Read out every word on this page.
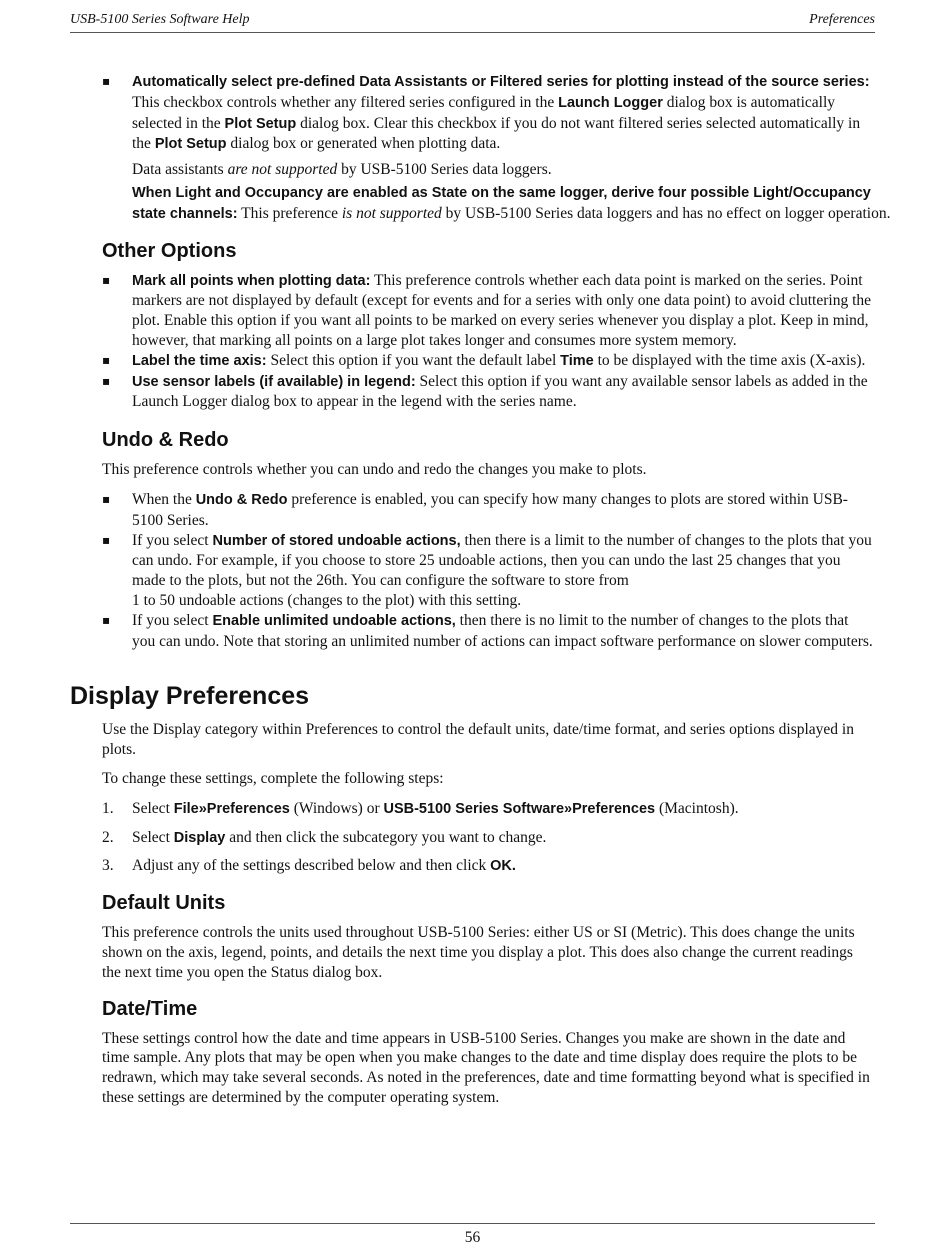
USB-5100 Series Software Help	Preferences
▪ Automatically select pre-defined Data Assistants or Filtered series for plotting instead of the source series: This checkbox controls whether any filtered series configured in the Launch Logger dialog box is automatically selected in the Plot Setup dialog box. Clear this checkbox if you do not want filtered series selected automatically in the Plot Setup dialog box or generated when plotting data.

Data assistants are not supported by USB-5100 Series data loggers.

When Light and Occupancy are enabled as State on the same logger, derive four possible Light/Occupancy state channels: This preference is not supported by USB-5100 Series data loggers and has no effect on logger operation.

Other Options
▪ Mark all points when plotting data: This preference controls whether each data point is marked on the series. Point markers are not displayed by default (except for events and for a series with only one data point) to avoid cluttering the plot. Enable this option if you want all points to be marked on every series whenever you display a plot. Keep in mind, however, that marking all points on a large plot takes longer and consumes more system memory.
▪ Label the time axis: Select this option if you want the default label Time to be displayed with the time axis (X-axis).
▪ Use sensor labels (if available) in legend: Select this option if you want any available sensor labels as added in the Launch Logger dialog box to appear in the legend with the series name.
Undo & Redo

This preference controls whether you can undo and redo the changes you make to plots.

▪ When the Undo & Redo preference is enabled, you can specify how many changes to plots are stored within USB-5100 Series.
▪ If you select Number of stored undoable actions, then there is a limit to the number of changes to the plots that you can undo. For example, if you choose to store 25 undoable actions, then you can undo the last 25 changes that you made to the plots, but not the 26th. You can configure the software to store from
1 to 50 undoable actions (changes to the plot) with this setting.
▪ If you select Enable unlimited undoable actions, then there is no limit to the number of changes to the plots that you can undo. Note that storing an unlimited number of actions can impact software performance on slower computers.
Display Preferences

Use the Display category within Preferences to control the default units, date/time format, and series options displayed in plots.

To change these settings, complete the following steps:

1. Select File»Preferences (Windows) or USB-5100 Series Software»Preferences (Macintosh).
2. Select Display and then click the subcategory you want to change.
3. Adjust any of the settings described below and then click OK.
Default Units

This preference controls the units used throughout USB-5100 Series: either US or SI (Metric). This does change the units shown on the axis, legend, points, and details the next time you display a plot. This does also change the current readings the next time you open the Status dialog box.

Date/Time

These settings control how the date and time appears in USB-5100 Series. Changes you make are shown in the date and time sample. Any plots that may be open when you make changes to the date and time display does require the plots to be redrawn, which may take several seconds. As noted in the preferences, date and time formatting beyond what is specified in these settings are determined by the computer operating system.

56
